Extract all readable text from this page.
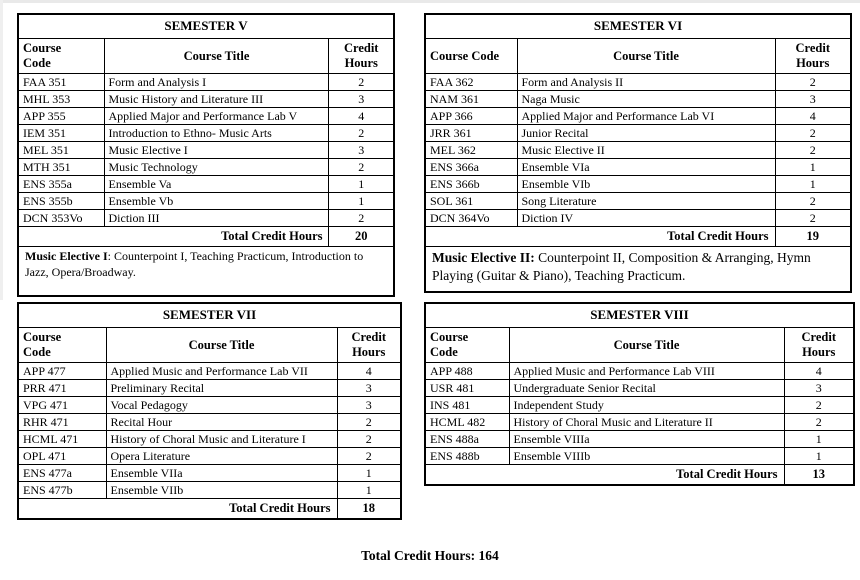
SEMESTER V		

Course Code	Course Title	Credit Hours

FAA 351	Form and Analysis I	2
MHL 353	Music History and Literature III	3
APP 355	Applied Major and Performance Lab V	4
IEM 351	Introduction to Ethno- Music Arts	2
MEL 351	Music Elective I	3
MTH 351	Music Technology	2
ENS 355a	Ensemble Va	1
ENS 355b	Ensemble Vb	1
DCN 353Vo	Diction III	2
Total Credit Hours		20
Music Elective I: Counterpoint I, Teaching Practicum, Introduction to Jazz, Opera/Broadway.		
SEMESTER VI		

Course Code	Course Title	Credit Hours

FAA 362	Form and Analysis II	2
NAM 361	Naga Music	3
APP 366	Applied Major and Performance Lab VI	4
JRR 361	Junior Recital	2
MEL 362	Music Elective II	2
ENS 366a	Ensemble VIa	1
ENS 366b	Ensemble VIb	1
SOL 361	Song Literature	2
DCN 364Vo	Diction IV	2
Total Credit Hours		19
Music Elective II: Counterpoint II, Composition & Arranging, Hymn Playing (Guitar & Piano), Teaching Practicum.		
SEMESTER VII		

Course Code	Course Title	Credit Hours

APP 477	Applied Music and Performance Lab VII	4
PRR 471	Preliminary Recital	3
VPG 471	Vocal Pedagogy	3
RHR 471	Recital Hour	2
HCML 471	History of Choral Music and Literature I	2
OPL 471	Opera Literature	2
ENS 477a	Ensemble VIIa	1
ENS 477b	Ensemble VIIb	1
Total Credit Hours		18
SEMESTER VIII		

Course Code	Course Title	Credit Hours

APP 488	Applied Music and Performance Lab VIII	4
USR 481	Undergraduate Senior Recital	3
INS 481	Independent Study	2
HCML 482	History of Choral Music and Literature II	2
ENS 488a	Ensemble VIIIa	1
ENS 488b	Ensemble VIIIb	1
Total Credit Hours		13
Total Credit Hours: 164
